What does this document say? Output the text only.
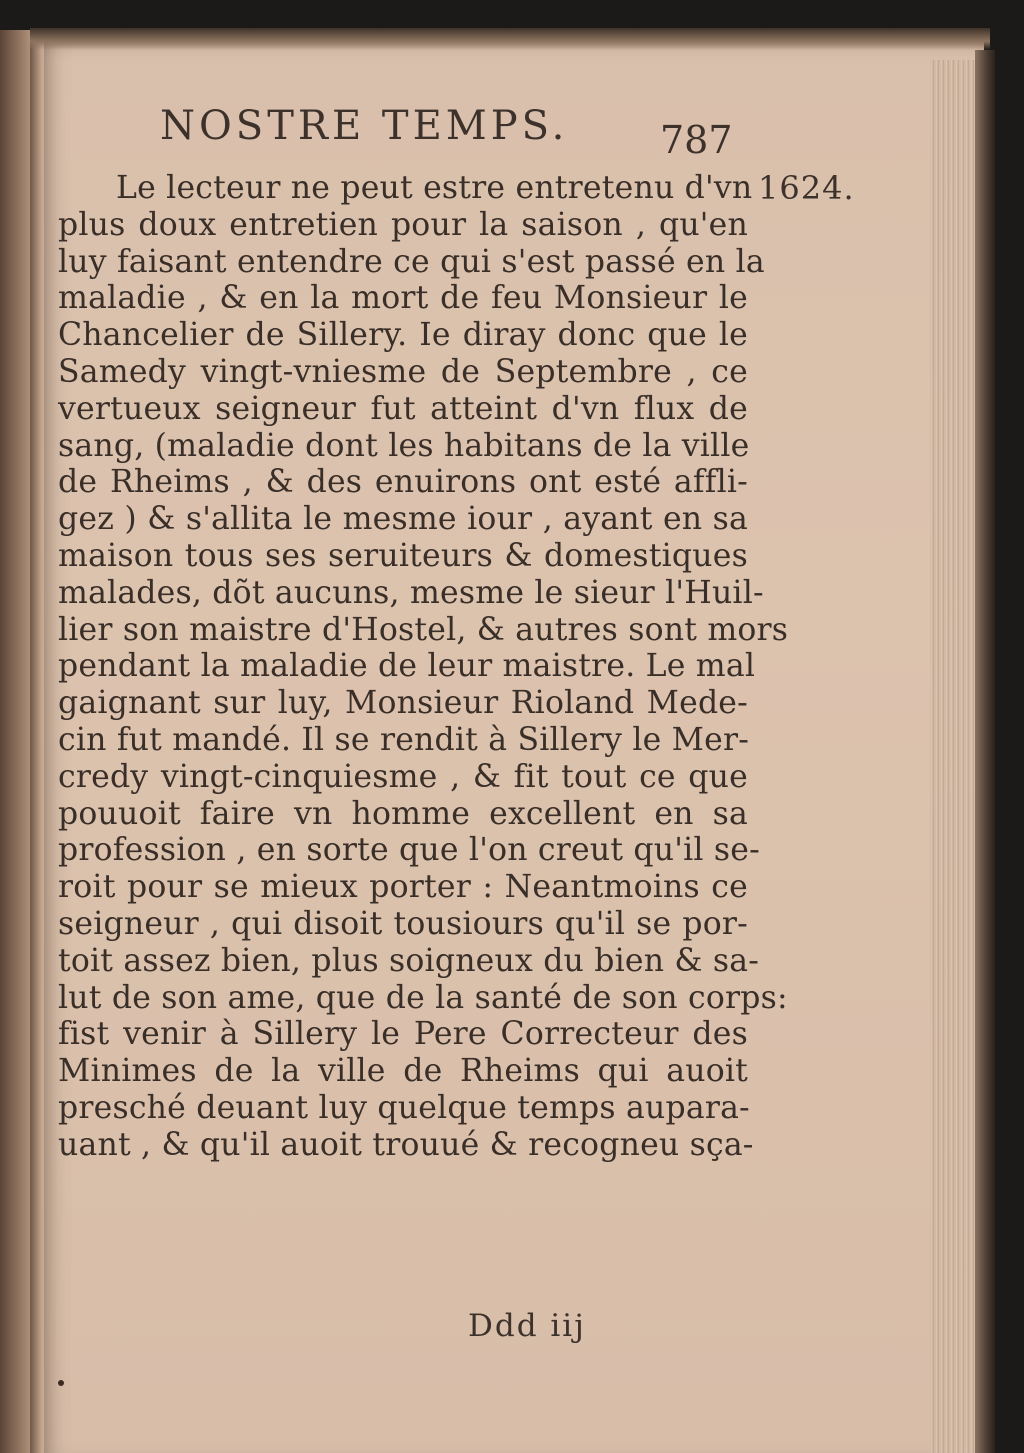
NOSTRE TEMPS. 787
1624.
Le lecteur ne peut estre entretenu d'vn
plus doux entretien pour la saison , qu'en
luy faisant entendre ce qui s'est passé en la
maladie , & en la mort de feu Monsieur le
Chancelier de Sillery. Ie diray donc que le
Samedy vingt-vniesme de Septembre , ce
vertueux seigneur fut atteint d'vn flux de
sang, (maladie dont les habitans de la ville
de Rheims , & des enuirons ont esté affli-
gez ) & s'allita le mesme iour , ayant en sa
maison tous ses seruiteurs & domestiques
malades, dõt aucuns, mesme le sieur l'Huil-
lier son maistre d'Hostel, & autres sont mors
pendant la maladie de leur maistre. Le mal
gaignant sur luy, Monsieur Rioland Mede-
cin fut mandé. Il se rendit à Sillery le Mer-
credy vingt-cinquiesme , & fit tout ce que
pouuoit faire vn homme excellent en sa
profession , en sorte que l'on creut qu'il se-
roit pour se mieux porter : Neantmoins ce
seigneur , qui disoit tousiours qu'il se por-
toit assez bien, plus soigneux du bien & sa-
lut de son ame, que de la santé de son corps:
fist venir à Sillery le Pere Correcteur des
Minimes de la ville de Rheims qui auoit
presché deuant luy quelque temps aupara-
uant , & qu'il auoit trouué & recogneu sça-
Ddd iij
